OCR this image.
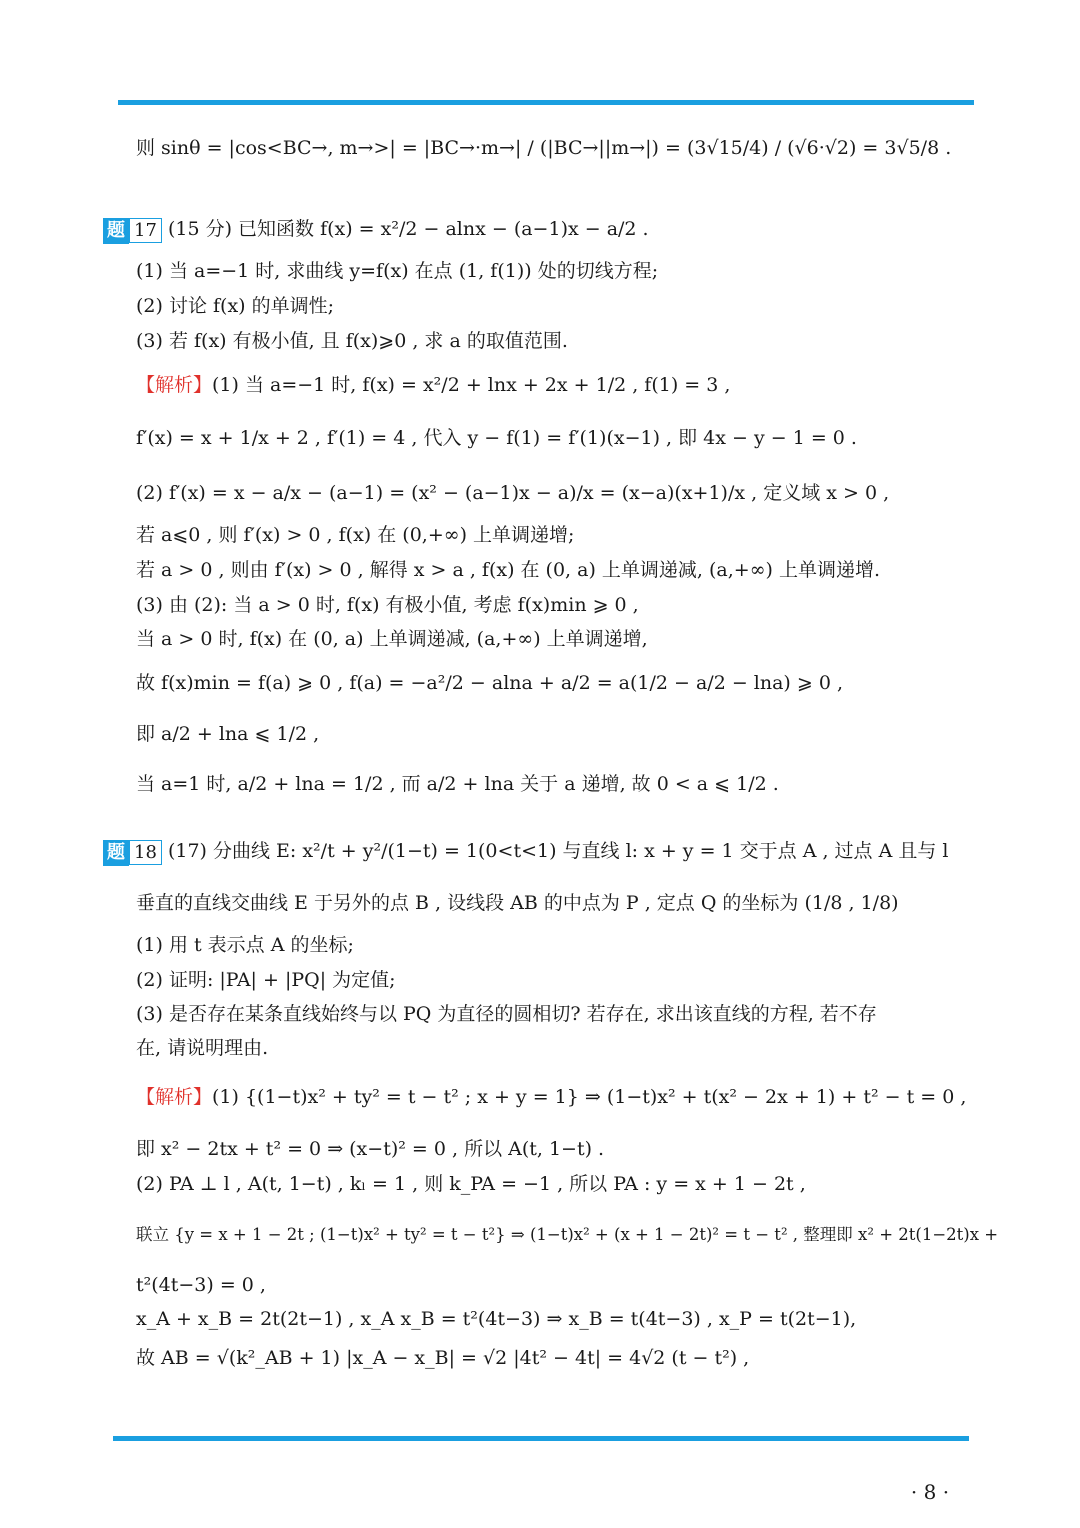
则 sinθ = |cos<BC→, m→>| = |BC→·m→| / (|BC→||m→|) = (3√15/4) / (√6·√2) = 3√5/8 .
题 17 (15 分) 已知函数 f(x) = x²/2 − alnx − (a−1)x − a/2 .
(1) 当 a=−1 时, 求曲线 y=f(x) 在点 (1, f(1)) 处的切线方程;
(2) 讨论 f(x) 的单调性;
(3) 若 f(x) 有极小值, 且 f(x)⩾0 , 求 a 的取值范围.
【解析】(1) 当 a=−1 时, f(x) = x²/2 + lnx + 2x + 1/2 , f(1) = 3 ,
f′(x) = x + 1/x + 2 , f′(1) = 4 , 代入 y − f(1) = f′(1)(x−1) , 即 4x − y − 1 = 0 .
(2) f′(x) = x − a/x − (a−1) = (x² − (a−1)x − a)/x = (x−a)(x+1)/x , 定义域 x > 0 ,
若 a⩽0 , 则 f′(x) > 0 , f(x) 在 (0,+∞) 上单调递增;
若 a > 0 , 则由 f′(x) > 0 , 解得 x > a , f(x) 在 (0, a) 上单调递减, (a,+∞) 上单调递增.
(3) 由 (2): 当 a > 0 时, f(x) 有极小值, 考虑 f(x)min ⩾ 0 ,
当 a > 0 时, f(x) 在 (0, a) 上单调递减, (a,+∞) 上单调递增,
故 f(x)min = f(a) ⩾ 0 , f(a) = −a²/2 − alna + a/2 = a(1/2 − a/2 − lna) ⩾ 0 ,
即 a/2 + lna ⩽ 1/2 ,
当 a=1 时, a/2 + lna = 1/2 , 而 a/2 + lna 关于 a 递增, 故 0 < a ⩽ 1/2 .
题 18 (17) 分曲线 E: x²/t + y²/(1−t) = 1(0<t<1) 与直线 l: x + y = 1 交于点 A , 过点 A 且与 l
垂直的直线交曲线 E 于另外的点 B , 设线段 AB 的中点为 P , 定点 Q 的坐标为 (1/8 , 1/8)
(1) 用 t 表示点 A 的坐标;
(2) 证明: |PA| + |PQ| 为定值;
(3) 是否存在某条直线始终与以 PQ 为直径的圆相切? 若存在, 求出该直线的方程, 若不存
在, 请说明理由.
【解析】(1) {(1−t)x² + ty² = t − t² ; x + y = 1} ⇒ (1−t)x² + t(x² − 2x + 1) + t² − t = 0 ,
即 x² − 2tx + t² = 0 ⇒ (x−t)² = 0 , 所以 A(t, 1−t) .
(2) PA ⊥ l , A(t, 1−t) , kₗ = 1 , 则 k_PA = −1 , 所以 PA : y = x + 1 − 2t ,
联立 {y = x + 1 − 2t ; (1−t)x² + ty² = t − t²} ⇒ (1−t)x² + (x + 1 − 2t)² = t − t² , 整理即 x² + 2t(1−2t)x +
t²(4t−3) = 0 ,
x_A + x_B = 2t(2t−1) , x_A x_B = t²(4t−3) ⇒ x_B = t(4t−3) , x_P = t(2t−1),
故 AB = √(k²_AB + 1) |x_A − x_B| = √2 |4t² − 4t| = 4√2 (t − t²) ,
· 8 ·
